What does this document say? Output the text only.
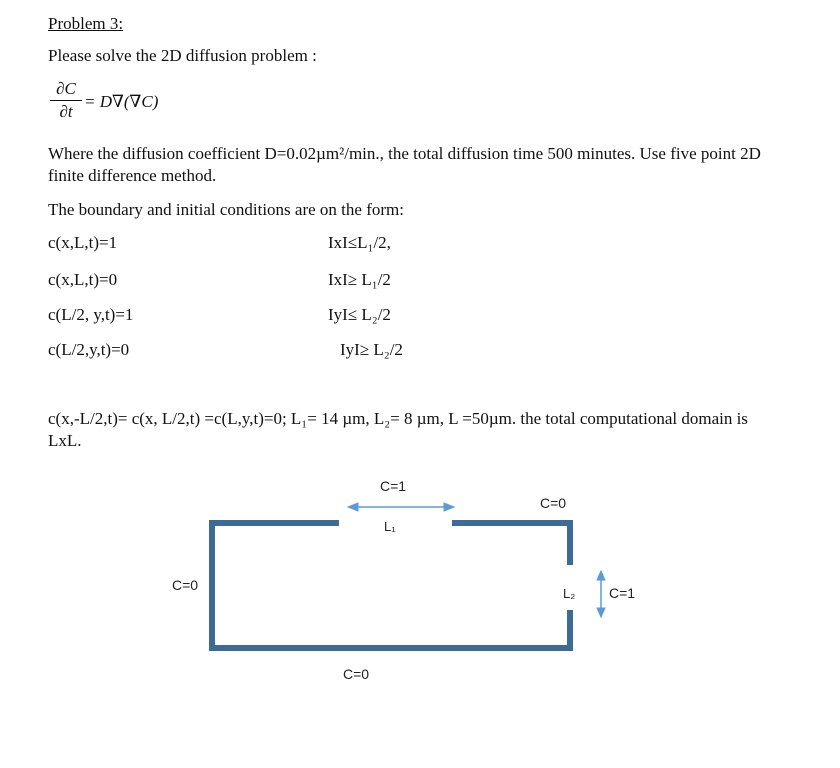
Problem 3:
Please solve the 2D diffusion problem :
∂C
∂t
= D∇(∇C)
Where the diffusion coefficient D=0.02µm²/min., the total diffusion time 500 minutes. Use five point 2D finite difference method.
The boundary and initial conditions are on the form:
c(x,L,t)=1	IxI≤L₁/2,
c(x,L,t)=0	IxI≥ L₁/2
c(L/2, y,t)=1	IyI≤ L₂/2
c(L/2,y,t)=0	IyI≥ L₂/2
c(x,-L/2,t)= c(x, L/2,t) =c(L,y,t)=0; L₁= 14 µm, L₂= 8 µm, L =50µm. the total computational domain is LxL.
C=1
L₁
C=0
C=0
L₂ C=1
C=0
